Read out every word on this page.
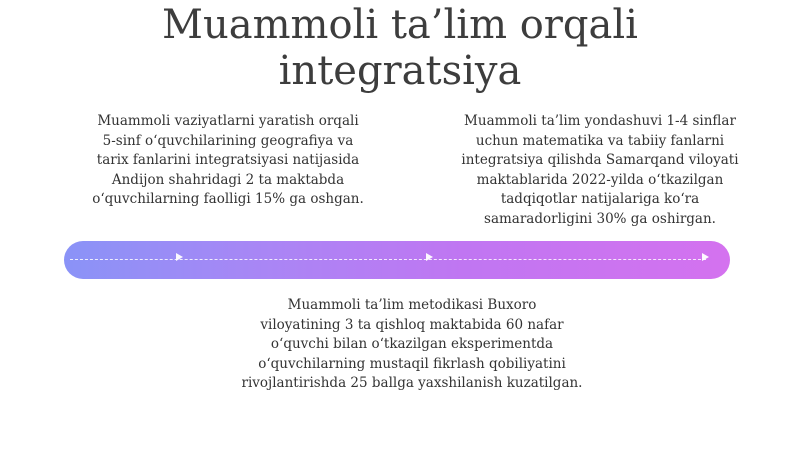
Muammoli ta’lim orqali
integratsiya
Muammoli vaziyatlarni yaratish orqali
5-sinf oʻquvchilarining geografiya va
tarix fanlarini integratsiyasi natijasida
Andijon shahridagi 2 ta maktabda
oʻquvchilarning faolligi 15% ga oshgan.
Muammoli ta’lim yondashuvi 1-4 sinflar
uchun matematika va tabiiy fanlarni
integratsiya qilishda Samarqand viloyati
maktablarida 2022-yilda oʻtkazilgan
tadqiqotlar natijalariga koʻra
samaradorligini 30% ga oshirgan.
Muammoli ta’lim metodikasi Buxoro
viloyatining 3 ta qishloq maktabida 60 nafar
oʻquvchi bilan oʻtkazilgan eksperimentda
oʻquvchilarning mustaqil fikrlash qobiliyatini
rivojlantirishda 25 ballga yaxshilanish kuzatilgan.
